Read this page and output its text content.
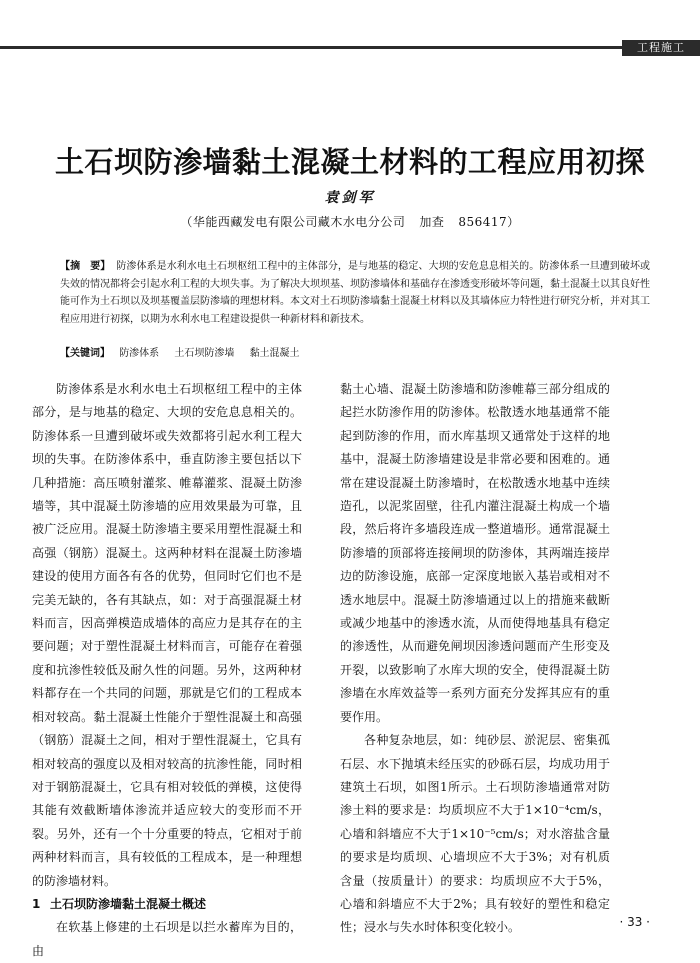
工程施工
土石坝防渗墙黏土混凝土材料的工程应用初探
袁剑军
（华能西藏发电有限公司藏木水电分公司 加查 856417）
【摘　要】 防渗体系是水利水电土石坝枢纽工程中的主体部分，是与地基的稳定、大坝的安危息息相关的。防渗体系一旦遭到破坏或失效的情况都将会引起水利工程的大坝失事。为了解决大坝坝基、坝防渗墙体和基础存在渗透变形破坏等问题，黏土混凝土以其良好性能可作为土石坝以及坝基覆盖层防渗墙的理想材料。本文对土石坝防渗墙黏土混凝土材料以及其墙体应力特性进行研究分析，并对其工程应用进行初探，以期为水利水电工程建设提供一种新材料和新技术。
【关键词】 防渗体系 土石坝防渗墙 黏土混凝土

防渗体系是水利水电土石坝枢纽工程中的主体部分，是与地基的稳定、大坝的安危息息相关的。防渗体系一旦遭到破坏或失效都将引起水利工程大坝的失事。在防渗体系中，垂直防渗主要包括以下几种措施：高压喷射灌浆、帷幕灌浆、混凝土防渗墙等，其中混凝土防渗墙的应用效果最为可靠，且被广泛应用。混凝土防渗墙主要采用塑性混凝土和高强（钢筋）混凝土。这两种材料在混凝土防渗墙建设的使用方面各有各的优势，但同时它们也不是完美无缺的，各有其缺点，如：对于高强混凝土材料而言，因高弹模造成墙体的高应力是其存在的主要问题；对于塑性混凝土材料而言，可能存在着强度和抗渗性较低及耐久性的问题。另外，这两种材料都存在一个共同的问题，那就是它们的工程成本相对较高。黏土混凝土性能介于塑性混凝土和高强（钢筋）混凝土之间，相对于塑性混凝土，它具有相对较高的强度以及相对较高的抗渗性能，同时相对于钢筋混凝土，它具有相对较低的弹模，这使得其能有效截断墙体渗流并适应较大的变形而不开裂。另外，还有一个十分重要的特点，它相对于前两种材料而言，具有较低的工程成本，是一种理想的防渗墙材料。

1 土石坝防渗墙黏土混凝土概述

在软基上修建的土石坝是以拦水蓄库为目的，由

黏土心墙、混凝土防渗墙和防渗帷幕三部分组成的起拦水防渗作用的防渗体。松散透水地基通常不能起到防渗的作用，而水库基坝又通常处于这样的地基中，混凝土防渗墙建设是非常必要和困难的。通常在建设混凝土防渗墙时，在松散透水地基中连续造孔，以泥浆固壁，往孔内灌注混凝土构成一个墙段，然后将许多墙段连成一整道墙形。通常混凝土防渗墙的顶部将连接闸坝的防渗体，其两端连接岸边的防渗设施，底部一定深度地嵌入基岩或相对不透水地层中。混凝土防渗墙通过以上的措施来截断或减少地基中的渗透水流，从而使得地基具有稳定的渗透性，从而避免闸坝因渗透问题而产生形变及开裂，以致影响了水库大坝的安全，使得混凝土防渗墙在水库效益等一系列方面充分发挥其应有的重要作用。

各种复杂地层，如：纯砂层、淤泥层、密集孤石层、水下抛填未经压实的砂砾石层，均成功用于建筑土石坝，如图1所示。土石坝防渗墙通常对防渗土料的要求是：均质坝应不大于1×10⁻⁴cm/s，心墙和斜墙应不大于1×10⁻⁵cm/s；对水溶盐含量的要求是均质坝、心墙坝应不大于3%；对有机质含量（按质量计）的要求：均质坝应不大于5%，心墙和斜墙应不大于2%；具有较好的塑性和稳定性；浸水与失水时体积变化较小。	· 33 ·
